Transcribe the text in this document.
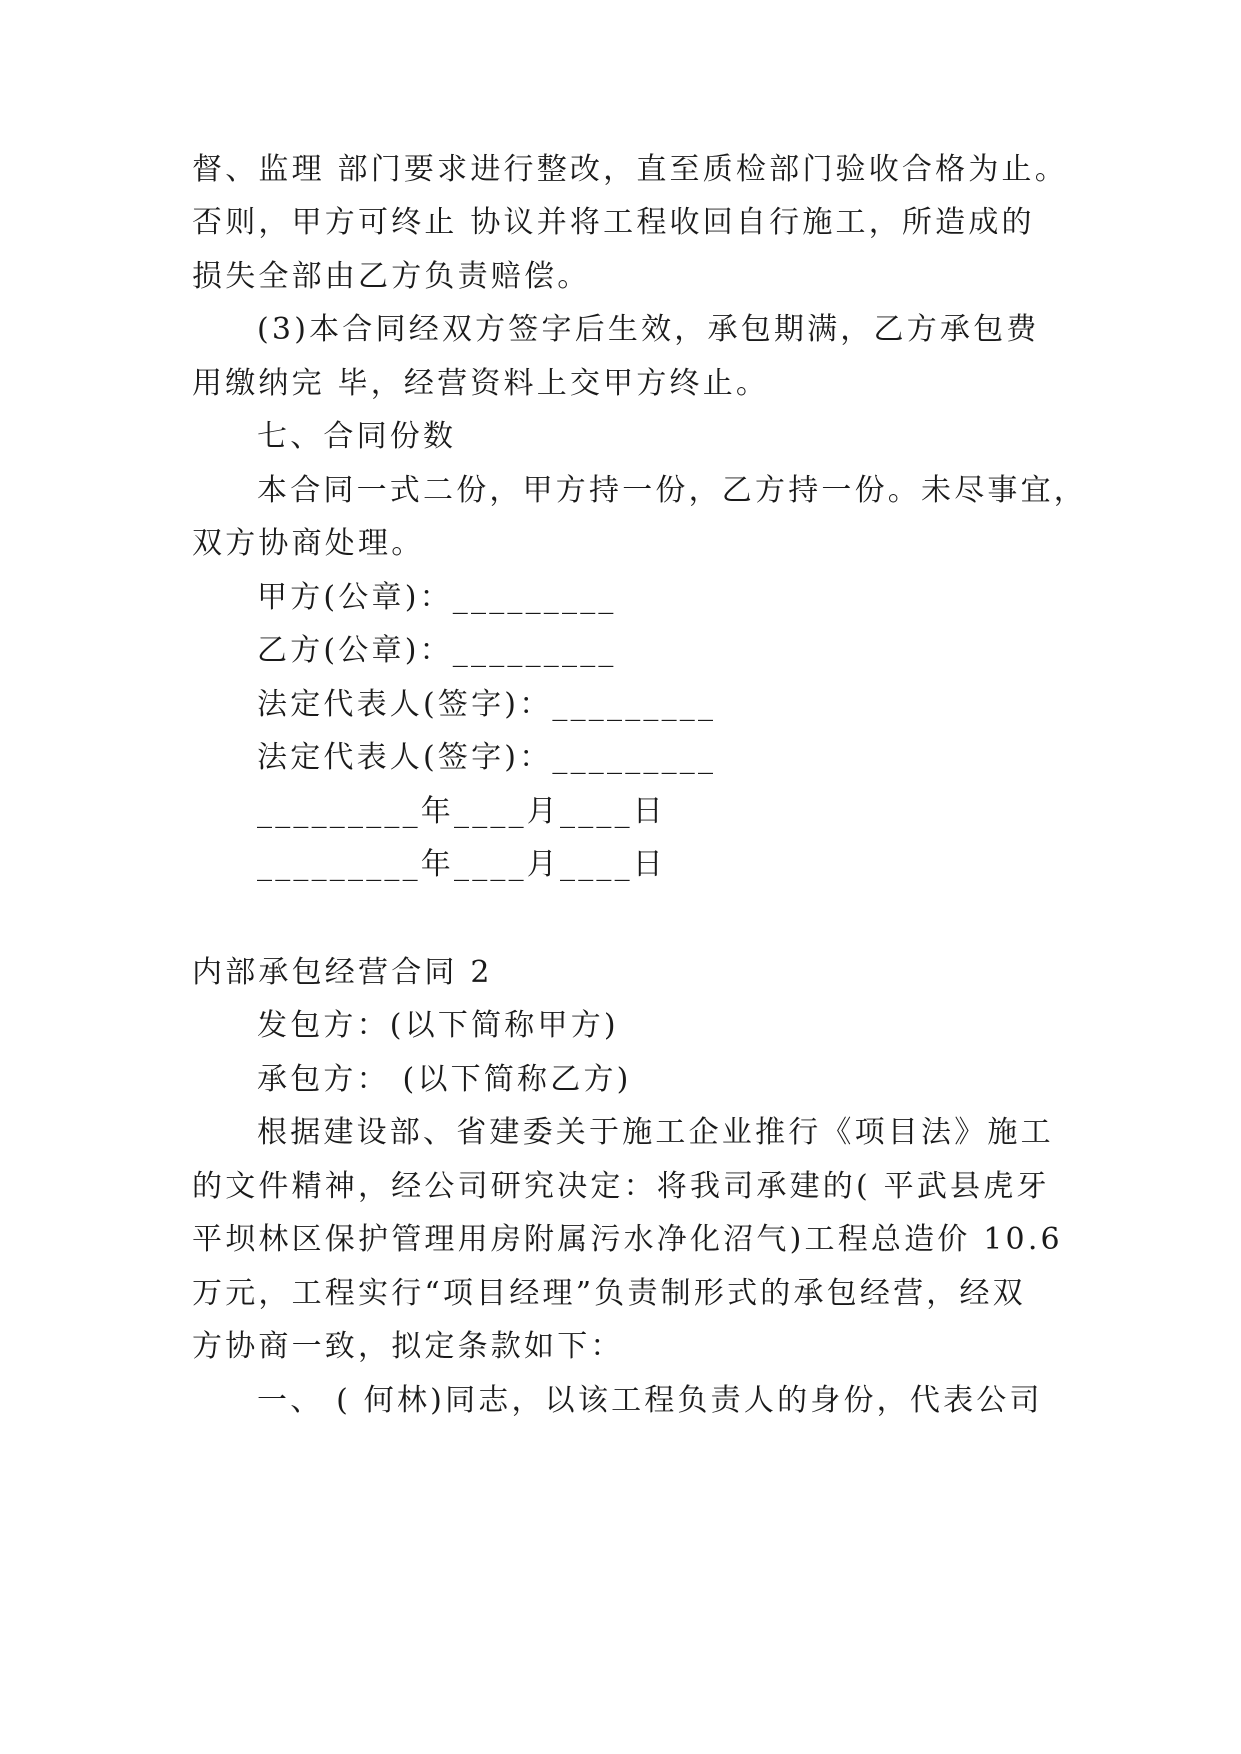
督、监理 部门要求进行整改，直至质检部门验收合格为止。
否则，甲方可终止 协议并将工程收回自行施工，所造成的
损失全部由乙方负责赔偿。
(3)本合同经双方签字后生效，承包期满，乙方承包费
用缴纳完 毕，经营资料上交甲方终止。
七、合同份数
本合同一式二份，甲方持一份，乙方持一份。未尽事宜，
双方协商处理。
甲方(公章)：_________
乙方(公章)：_________
法定代表人(签字)：_________
法定代表人(签字)：_________
_________年____月____日
_________年____月____日
内部承包经营合同 2
发包方：(以下简称甲方)
承包方： (以下简称乙方)
根据建设部、省建委关于施工企业推行《项目法》施工
的文件精神，经公司研究决定：将我司承建的( 平武县虎牙
平坝林区保护管理用房附属污水净化沼气)工程总造价 10.6
万元，工程实行“项目经理”负责制形式的承包经营，经双
方协商一致，拟定条款如下：
一、 ( 何林)同志，以该工程负责人的身份，代表公司
